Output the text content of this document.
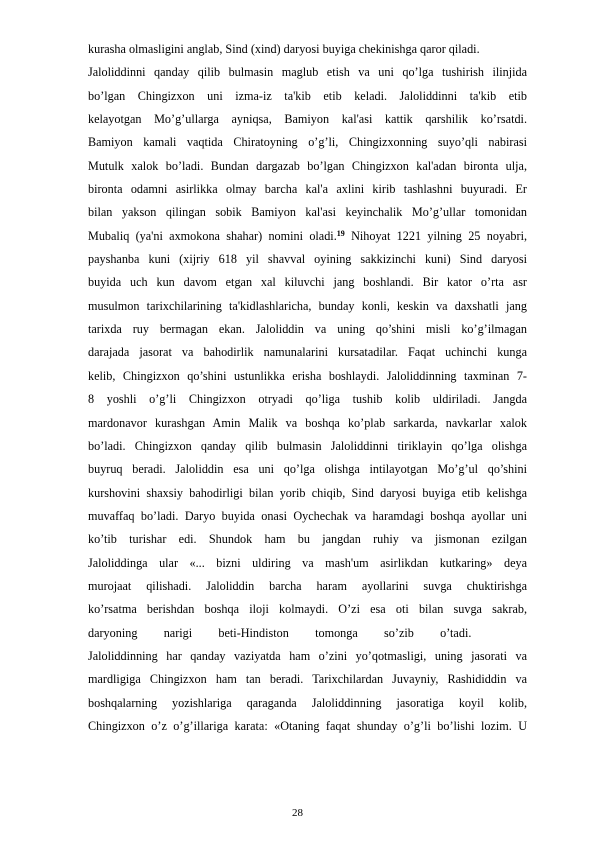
kurasha olmasligini anglab, Sind (xind) daryosi buyiga chekinishga qaror qiladi.
Jaloliddinni qanday qilib bulmasin maglub etish va uni qo’lga tushirish ilinjida
bo’lgan Chingizxon uni izma-iz ta'kib etib keladi. Jaloliddinni ta'kib etib
kelayotgan Mo’g’ullarga ayniqsa, Bamiyon kal'asi kattik qarshilik ko’rsatdi.
Bamiyon kamali vaqtida Chiratoyning o’g’li, Chingizxonning suyo’qli nabirasi
Mutulk xalok bo’ladi. Bundan dargazab bo’lgan Chingizxon kal'adan bironta ulja,
bironta odamni asirlikka olmay barcha kal'a axlini kirib tashlashni buyuradi. Er
bilan yakson qilingan sobik Bamiyon kal'asi keyinchalik Mo’g’ullar tomonidan
Mubaliq (ya'ni axmokona shahar) nomini oladi.$^{19}$ Nihoyat 1221 yilning 25 noyabri,
payshanba kuni (xijriy 618 yil shavval oyining sakkizinchi kuni) Sind daryosi
buyida uch kun davom etgan xal kiluvchi jang boshlandi. Bir kator o’rta asr
musulmon tarixchilarining ta'kidlashlaricha, bunday konli, keskin va daxshatli jang
tarixda ruy bermagan ekan. Jaloliddin va uning qo’shini misli ko’g’ilmagan
darajada jasorat va bahodirlik namunalarini kursatadilar. Faqat uchinchi kunga
kelib, Chingizxon qo’shini ustunlikka erisha boshlaydi. Jaloliddinning taxminan 7-
8 yoshli o’g’li Chingizxon otryadi qo’liga tushib kolib uldiriladi. Jangda
mardonavor kurashgan Amin Malik va boshqa ko’plab sarkarda, navkarlar xalok
bo’ladi. Chingizxon qanday qilib bulmasin Jaloliddinni tiriklayin qo’lga olishga
buyruq beradi. Jaloliddin esa uni qo’lga olishga intilayotgan Mo’g’ul qo’shini
kurshovini shaxsiy bahodirligi bilan yorib chiqib, Sind daryosi buyiga etib kelishga
muvaffaq bo’ladi. Daryo buyida onasi Oychechak va haramdagi boshqa ayollar uni
ko’tib turishar edi. Shundok ham bu jangdan ruhiy va jismonan ezilgan
Jaloliddinga ular «... bizni uldiring va mash'um asirlikdan kutkaring» deya
murojaat qilishadi. Jaloliddin barcha haram ayollarini suvga chuktirishga
ko’rsatma berishdan boshqa iloji kolmaydi. O’zi esa oti bilan suvga sakrab,
daryoning narigi beti-Hindiston tomonga so’zib o’tadi.
Jaloliddinning har qanday vaziyatda ham o’zini yo’qotmasligi, uning jasorati va
mardligiga Chingizxon ham tan beradi. Tarixchilardan Juvayniy, Rashididdin va
boshqalarning yozishlariga qaraganda Jaloliddinning jasoratiga koyil kolib,
Chingizxon o’z o’g’illariga karata: «Otaning faqat shunday o’g’li bo’lishi lozim. U
28
